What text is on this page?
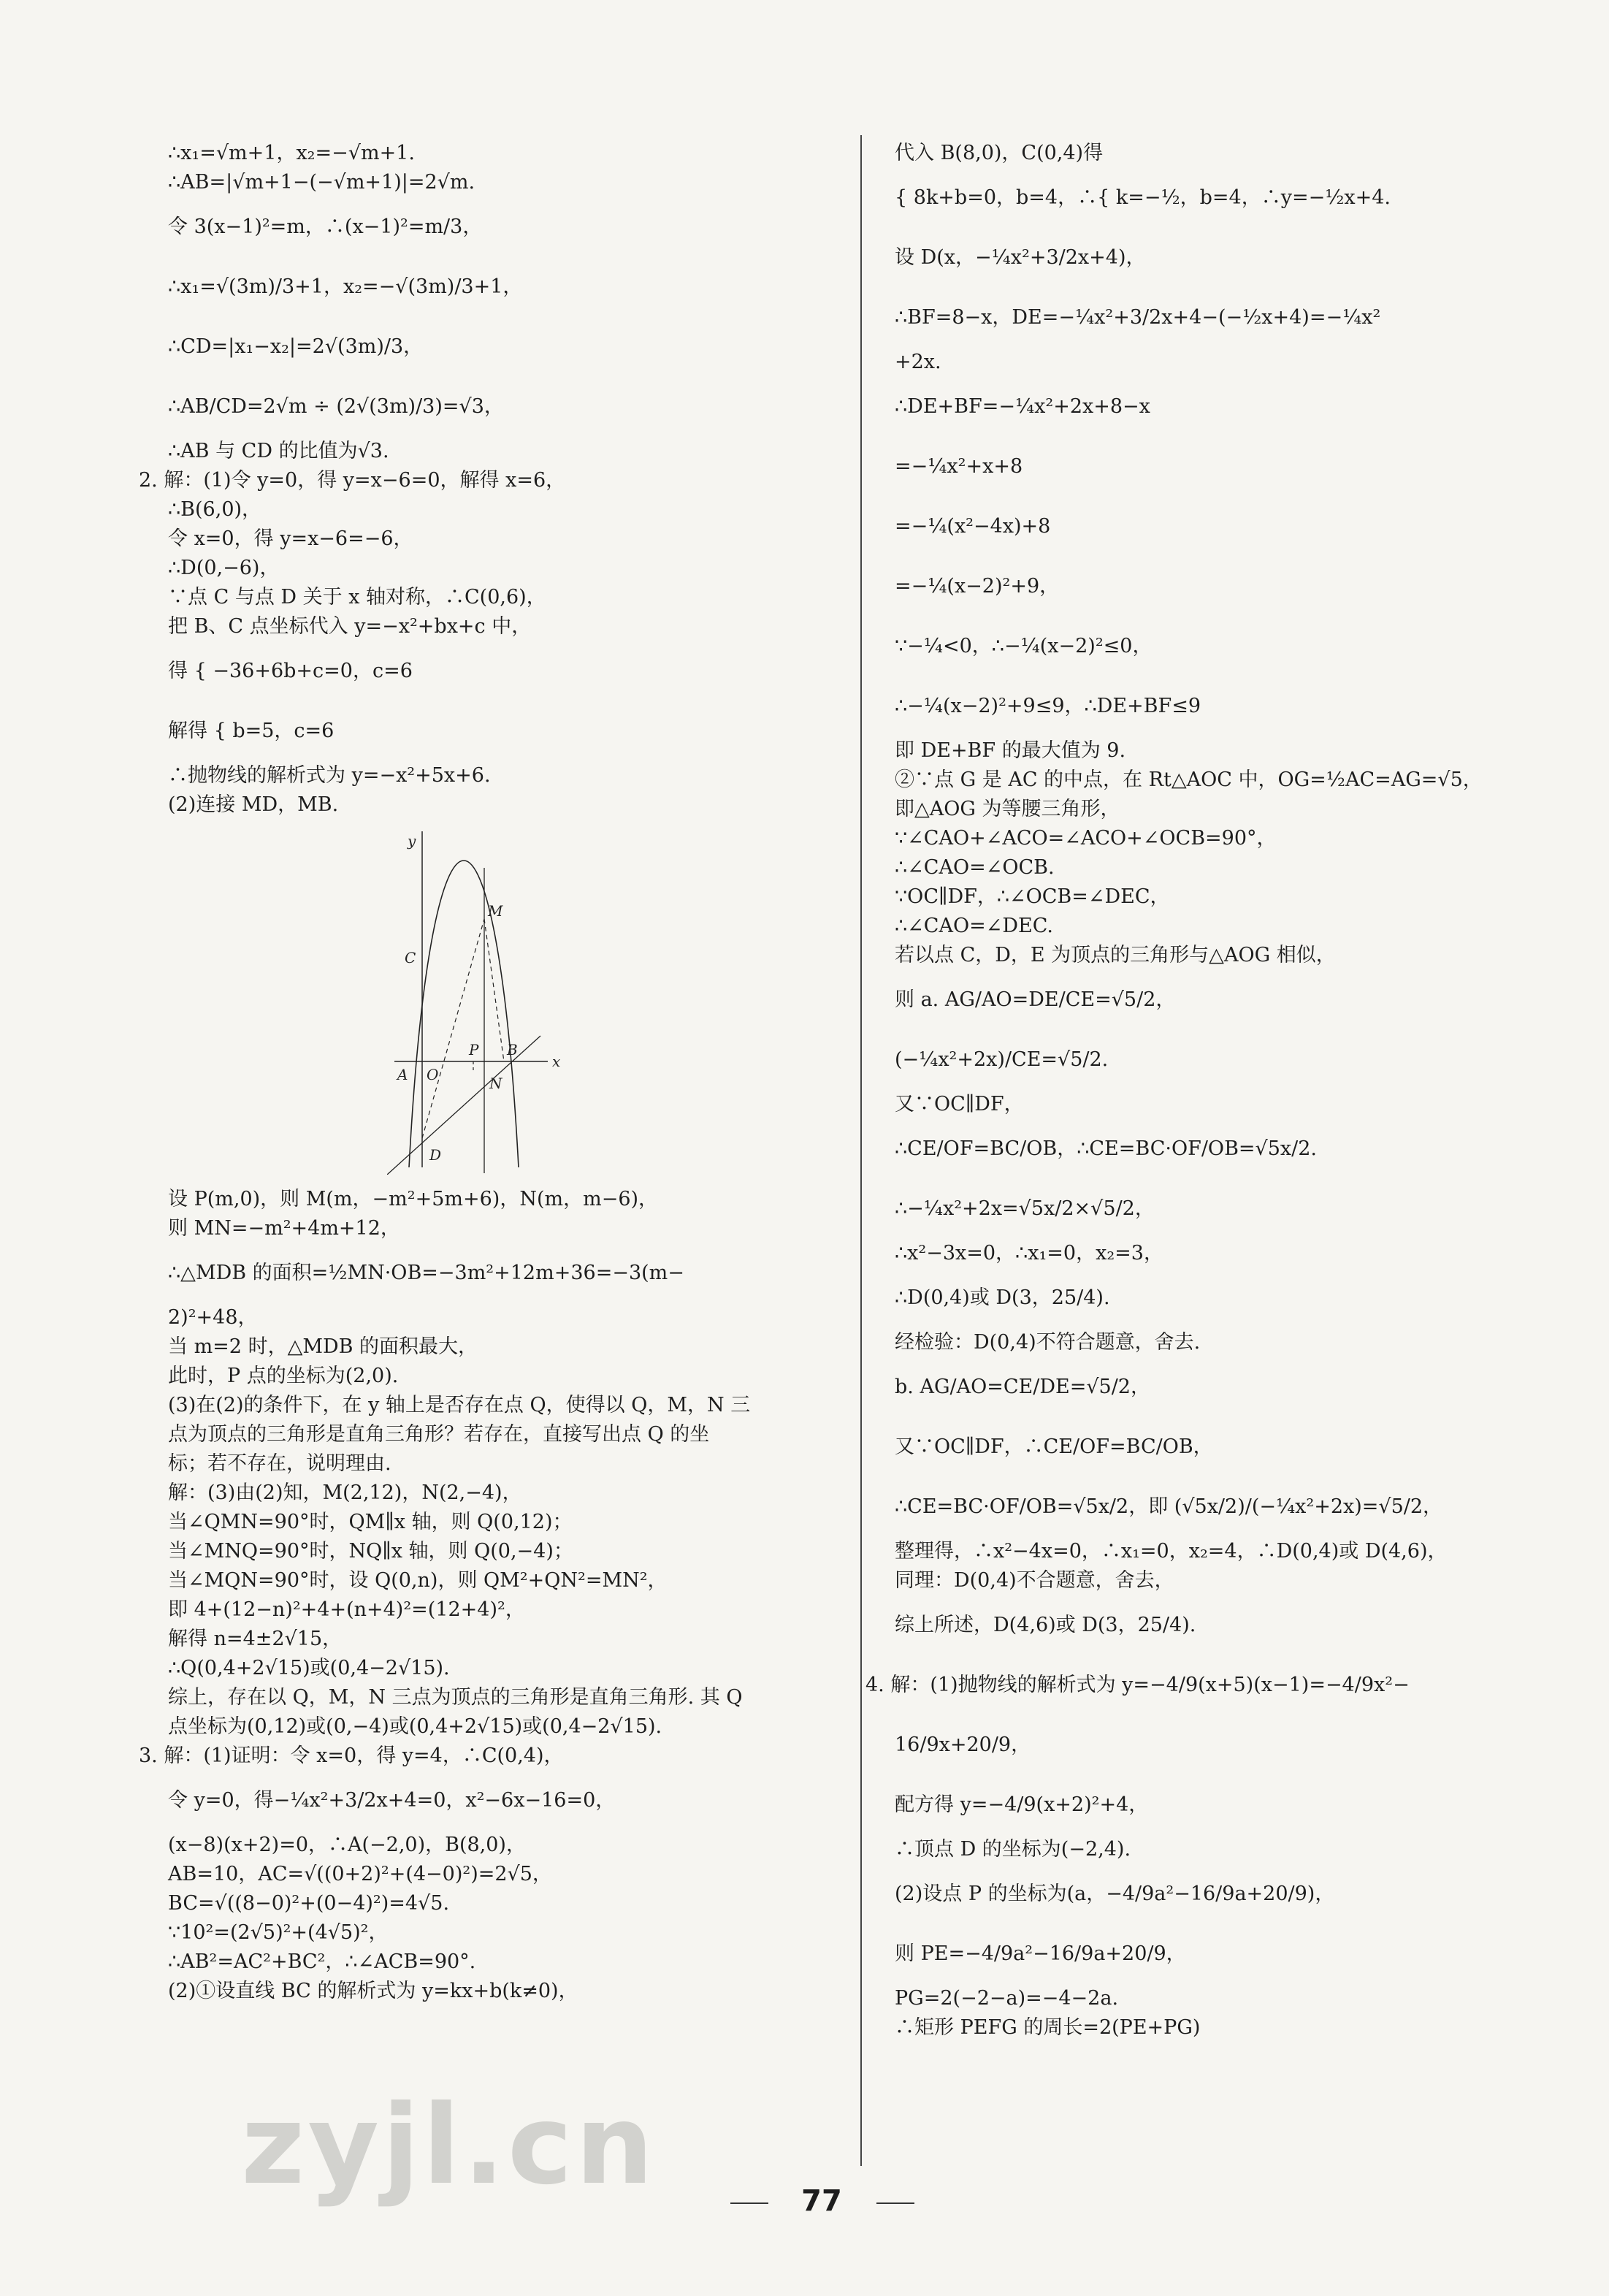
∴x₁=√m+1，x₂=−√m+1.
∴AB=|√m+1−(−√m+1)|=2√m.
令 3(x−1)²=m，∴(x−1)²=m/3，
∴x₁=√(3m)/3+1，x₂=−√(3m)/3+1，
∴CD=|x₁−x₂|=2√(3m)/3，
∴AB/CD=2√m ÷ (2√(3m)/3)=√3，
∴AB 与 CD 的比值为√3.
2. 解：(1)令 y=0，得 y=x−6=0，解得 x=6，
∴B(6,0)，
令 x=0，得 y=x−6=−6，
∴D(0,−6)，
∵点 C 与点 D 关于 x 轴对称，∴C(0,6)，
把 B、C 点坐标代入 y=−x²+bx+c 中，
得 { −36+6b+c=0，c=6
解得 { b=5，c=6
∴抛物线的解析式为 y=−x²+5x+6.
(2)连接 MD，MB.
y
x
M
C
A O
P B
N
D
设 P(m,0)，则 M(m，−m²+5m+6)，N(m，m−6)，
则 MN=−m²+4m+12，
∴△MDB 的面积=½MN·OB=−3m²+12m+36=−3(m−
2)²+48，
当 m=2 时，△MDB 的面积最大，
此时，P 点的坐标为(2,0).
(3)在(2)的条件下，在 y 轴上是否存在点 Q，使得以 Q，M，N 三
点为顶点的三角形是直角三角形？若存在，直接写出点 Q 的坐
标；若不存在，说明理由.
解：(3)由(2)知，M(2,12)，N(2,−4)，
当∠QMN=90°时，QM∥x 轴，则 Q(0,12)；
当∠MNQ=90°时，NQ∥x 轴，则 Q(0,−4)；
当∠MQN=90°时，设 Q(0,n)，则 QM²+QN²=MN²，
即 4+(12−n)²+4+(n+4)²=(12+4)²，
解得 n=4±2√15，
∴Q(0,4+2√15)或(0,4−2√15).
综上，存在以 Q，M，N 三点为顶点的三角形是直角三角形. 其 Q
点坐标为(0,12)或(0,−4)或(0,4+2√15)或(0,4−2√15).
3. 解：(1)证明：令 x=0，得 y=4，∴C(0,4)，
令 y=0，得−¼x²+3/2x+4=0，x²−6x−16=0，
(x−8)(x+2)=0，∴A(−2,0)，B(8,0)，
AB=10，AC=√((0+2)²+(4−0)²)=2√5，
BC=√((8−0)²+(0−4)²)=4√5.
∵10²=(2√5)²+(4√5)²，
∴AB²=AC²+BC²，∴∠ACB=90°.
(2)①设直线 BC 的解析式为 y=kx+b(k≠0)，
代入 B(8,0)，C(0,4)得
{ 8k+b=0，b=4，∴{ k=−½，b=4，∴y=−½x+4.
设 D(x，−¼x²+3/2x+4)，
∴BF=8−x，DE=−¼x²+3/2x+4−(−½x+4)=−¼x²
+2x.
∴DE+BF=−¼x²+2x+8−x
=−¼x²+x+8
=−¼(x²−4x)+8
=−¼(x−2)²+9，
∵−¼<0，∴−¼(x−2)²≤0，
∴−¼(x−2)²+9≤9，∴DE+BF≤9
即 DE+BF 的最大值为 9.
②∵点 G 是 AC 的中点，在 Rt△AOC 中，OG=½AC=AG=√5，
即△AOG 为等腰三角形，
∵∠CAO+∠ACO=∠ACO+∠OCB=90°，
∴∠CAO=∠OCB.
∵OC∥DF，∴∠OCB=∠DEC，
∴∠CAO=∠DEC.
若以点 C，D，E 为顶点的三角形与△AOG 相似，
则 a. AG/AO=DE/CE=√5/2，
(−¼x²+2x)/CE=√5/2.
又∵OC∥DF，
∴CE/OF=BC/OB，∴CE=BC·OF/OB=√5x/2.
∴−¼x²+2x=√5x/2×√5/2，
∴x²−3x=0，∴x₁=0，x₂=3，
∴D(0,4)或 D(3，25/4).
经检验：D(0,4)不符合题意，舍去.
b. AG/AO=CE/DE=√5/2，
又∵OC∥DF，∴CE/OF=BC/OB，
∴CE=BC·OF/OB=√5x/2，即 (√5x/2)/(−¼x²+2x)=√5/2，
整理得，∴x²−4x=0，∴x₁=0，x₂=4，∴D(0,4)或 D(4,6)，
同理：D(0,4)不合题意，舍去，
综上所述，D(4,6)或 D(3，25/4).
4. 解：(1)抛物线的解析式为 y=−4/9(x+5)(x−1)=−4/9x²−
16/9x+20/9，
配方得 y=−4/9(x+2)²+4，
∴顶点 D 的坐标为(−2,4).
(2)设点 P 的坐标为(a，−4/9a²−16/9a+20/9)，
则 PE=−4/9a²−16/9a+20/9，
PG=2(−2−a)=−4−2a.
∴矩形 PEFG 的周长=2(PE+PG)
77
zyjl.cn
